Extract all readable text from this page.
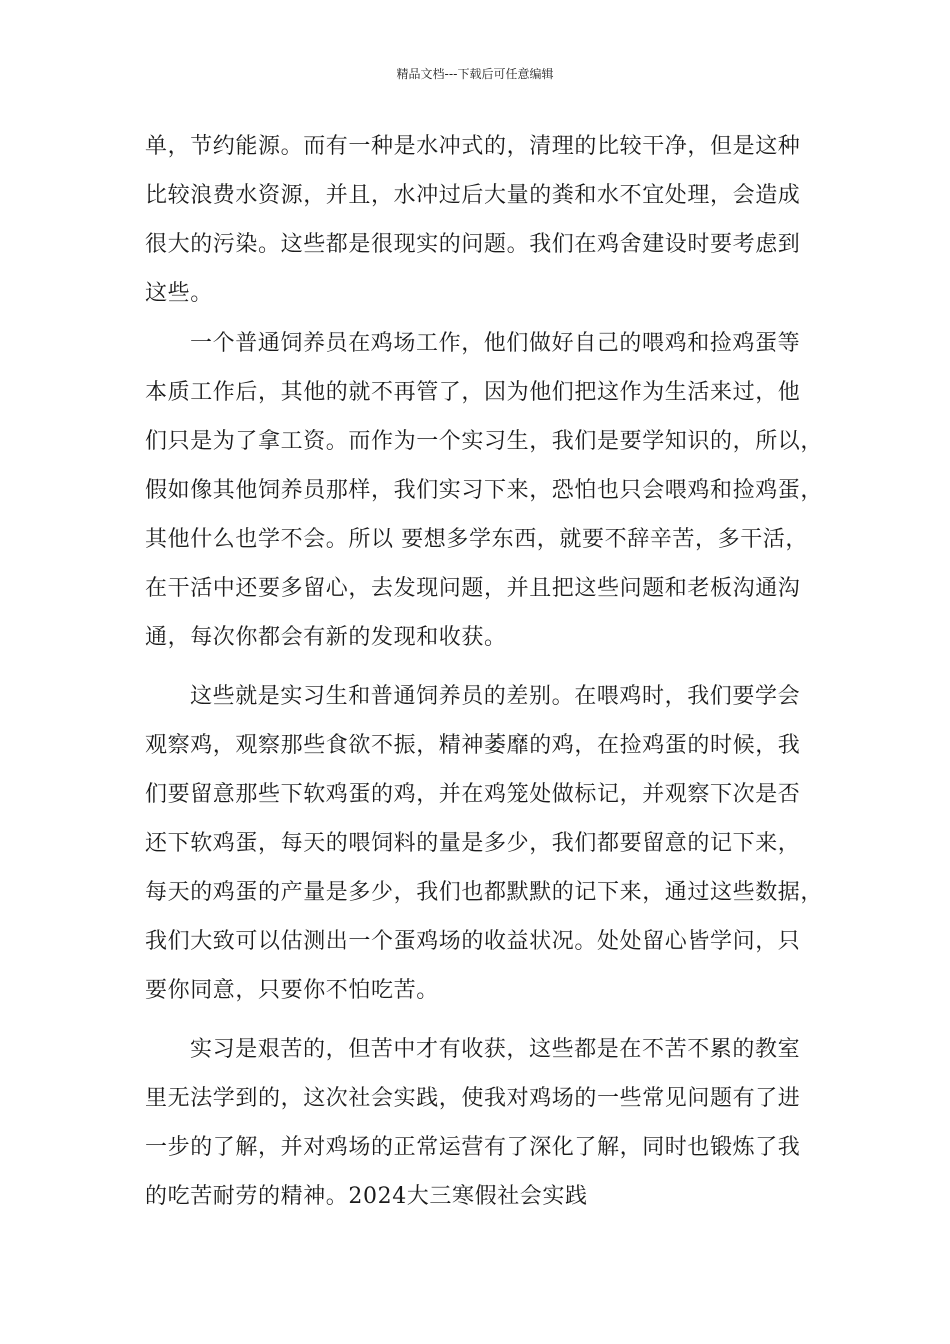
精品文档---下载后可任意编辑
单，节约能源。而有一种是水冲式的，清理的比较干净，但是这种
比较浪费水资源，并且，水冲过后大量的粪和水不宜处理，会造成
很大的污染。这些都是很现实的问题。我们在鸡舍建设时要考虑到
这些。
一个普通饲养员在鸡场工作，他们做好自己的喂鸡和捡鸡蛋等
本质工作后，其他的就不再管了，因为他们把这作为生活来过，他
们只是为了拿工资。而作为一个实习生，我们是要学知识的，所以，
假如像其他饲养员那样，我们实习下来，恐怕也只会喂鸡和捡鸡蛋，
其他什么也学不会。所以 要想多学东西，就要不辞辛苦，多干活，
在干活中还要多留心，去发现问题，并且把这些问题和老板沟通沟
通，每次你都会有新的发现和收获。
这些就是实习生和普通饲养员的差别。在喂鸡时，我们要学会
观察鸡，观察那些食欲不振，精神萎靡的鸡，在捡鸡蛋的时候，我
们要留意那些下软鸡蛋的鸡，并在鸡笼处做标记，并观察下次是否
还下软鸡蛋，每天的喂饲料的量是多少，我们都要留意的记下来，
每天的鸡蛋的产量是多少，我们也都默默的记下来，通过这些数据，
我们大致可以估测出一个蛋鸡场的收益状况。处处留心皆学问，只
要你同意，只要你不怕吃苦。
实习是艰苦的，但苦中才有收获，这些都是在不苦不累的教室
里无法学到的，这次社会实践，使我对鸡场的一些常见问题有了进
一步的了解，并对鸡场的正常运营有了深化了解，同时也锻炼了我
的吃苦耐劳的精神。2024大三寒假社会实践
